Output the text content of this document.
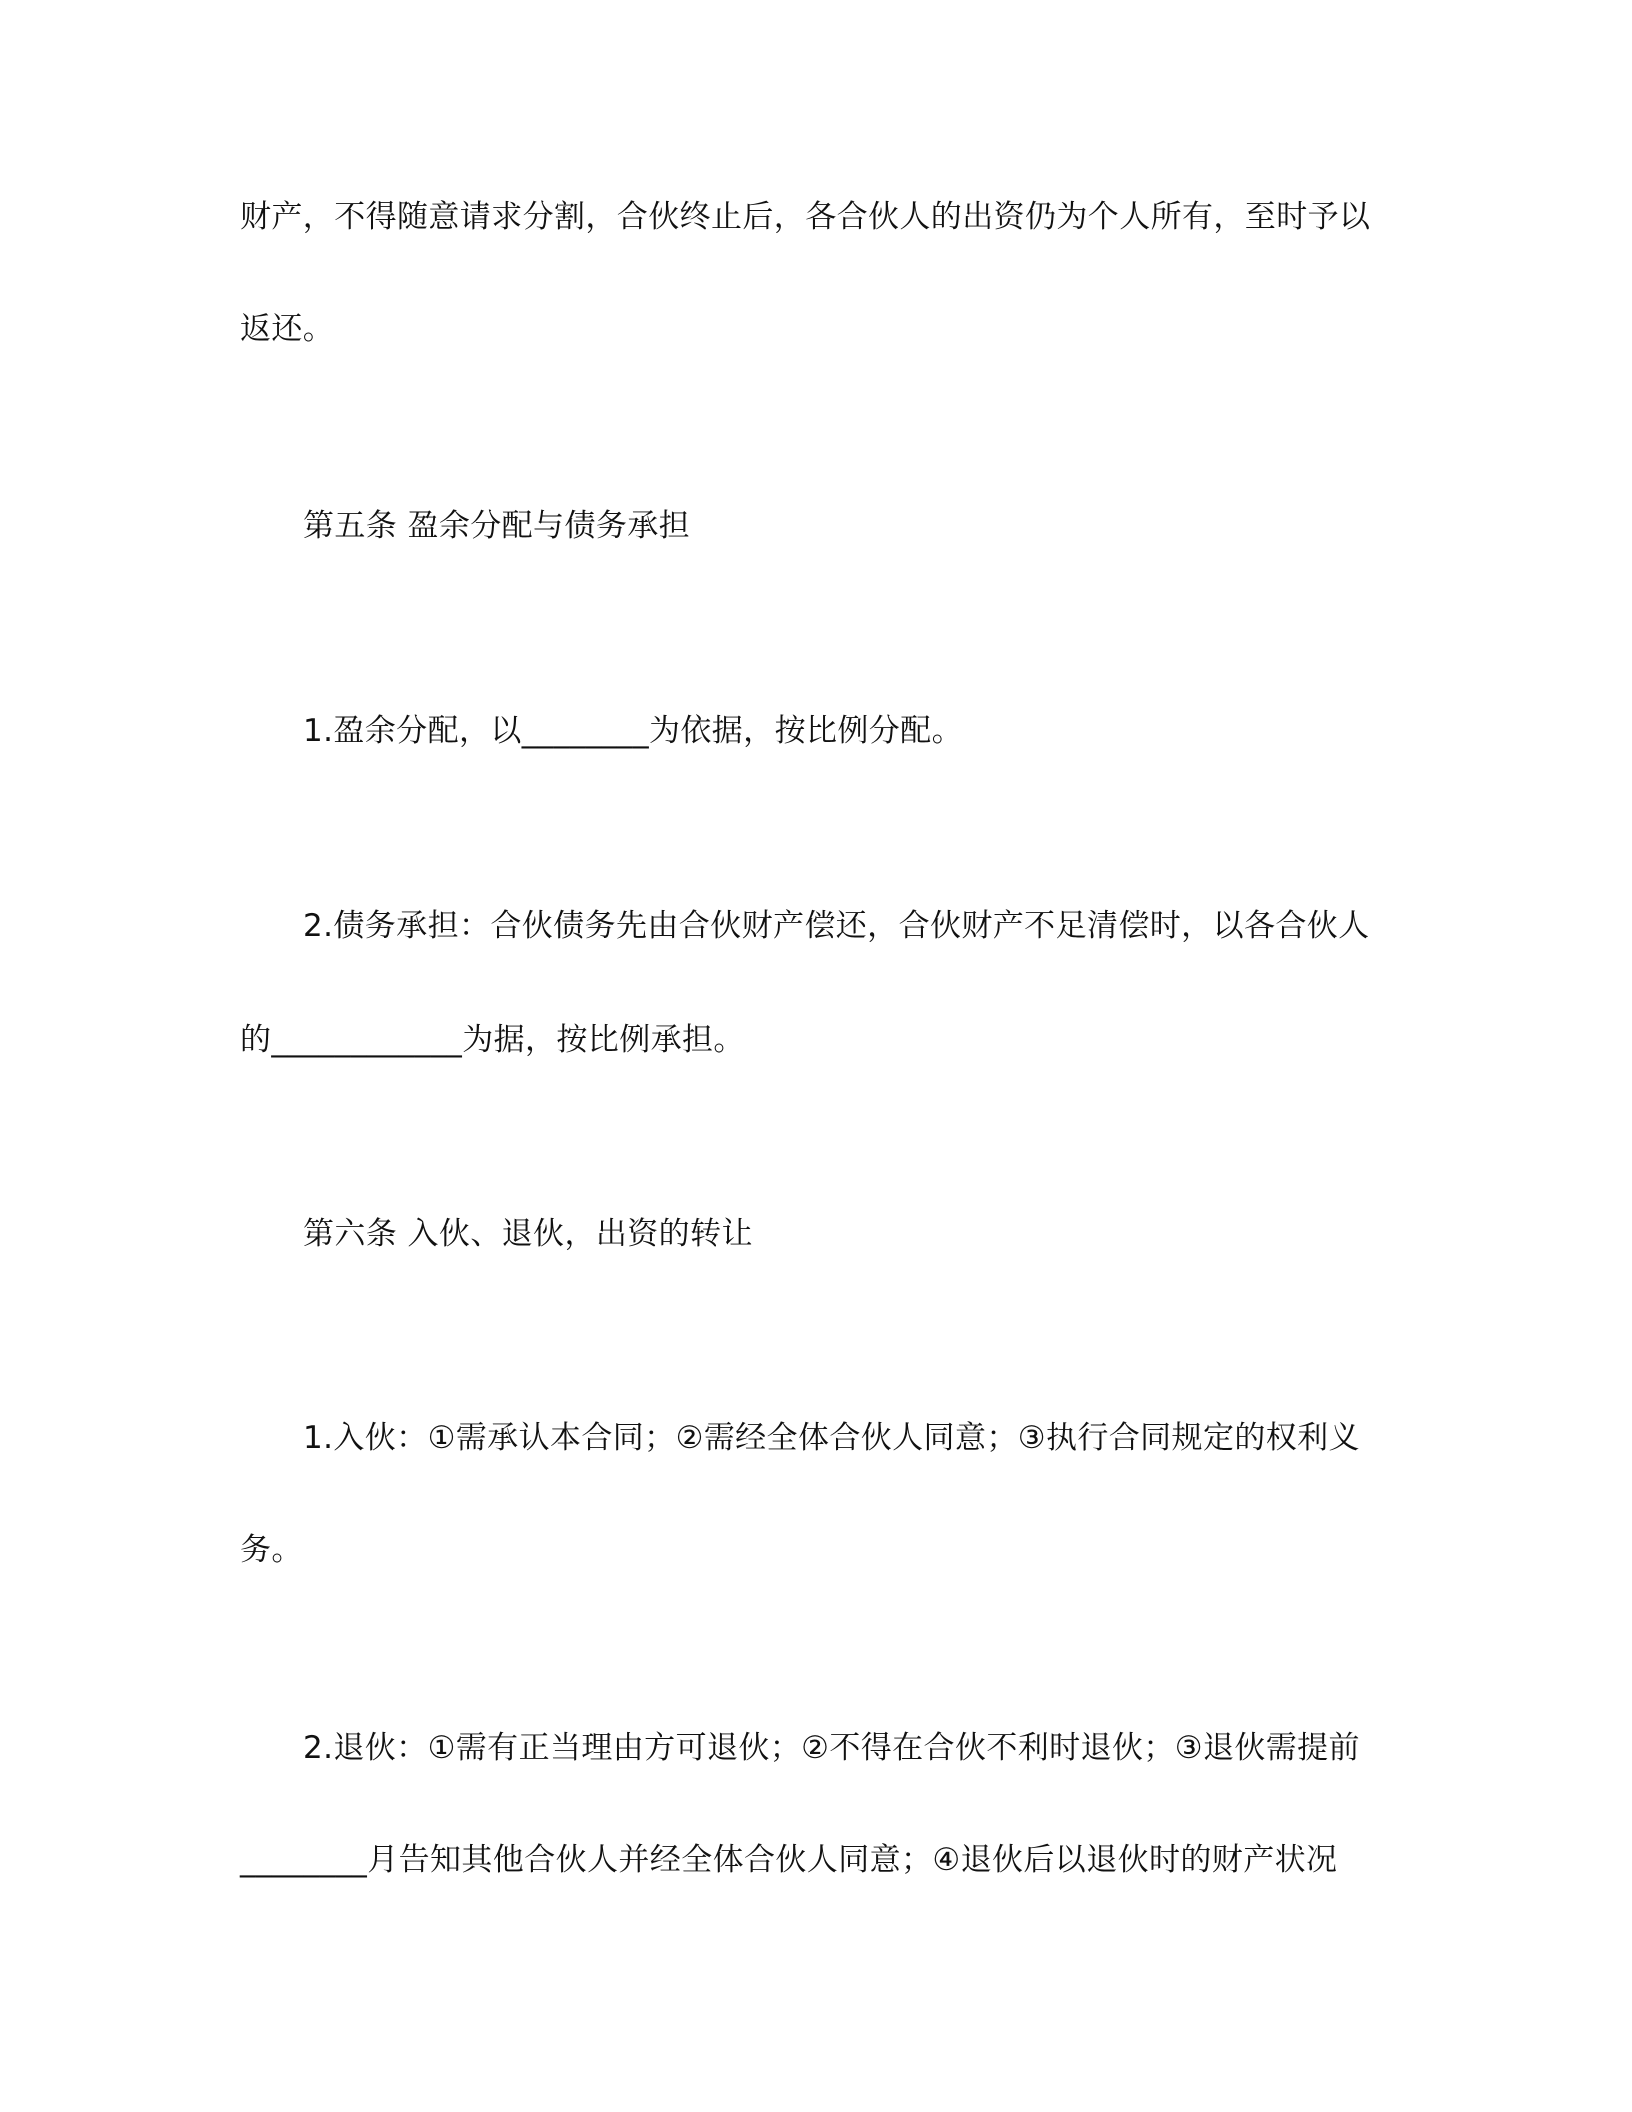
财产，不得随意请求分割，合伙终止后，各合伙人的出资仍为个人所有，至时予以
返还。
第五条 盈余分配与债务承担
1.盈余分配，以________为依据，按比例分配。
2.债务承担：合伙债务先由合伙财产偿还，合伙财产不足清偿时，以各合伙人
的____________为据，按比例承担。
第六条 入伙、退伙，出资的转让
1.入伙：①需承认本合同；②需经全体合伙人同意；③执行合同规定的权利义
务。
2.退伙：①需有正当理由方可退伙；②不得在合伙不利时退伙；③退伙需提前
________月告知其他合伙人并经全体合伙人同意；④退伙后以退伙时的财产状况
